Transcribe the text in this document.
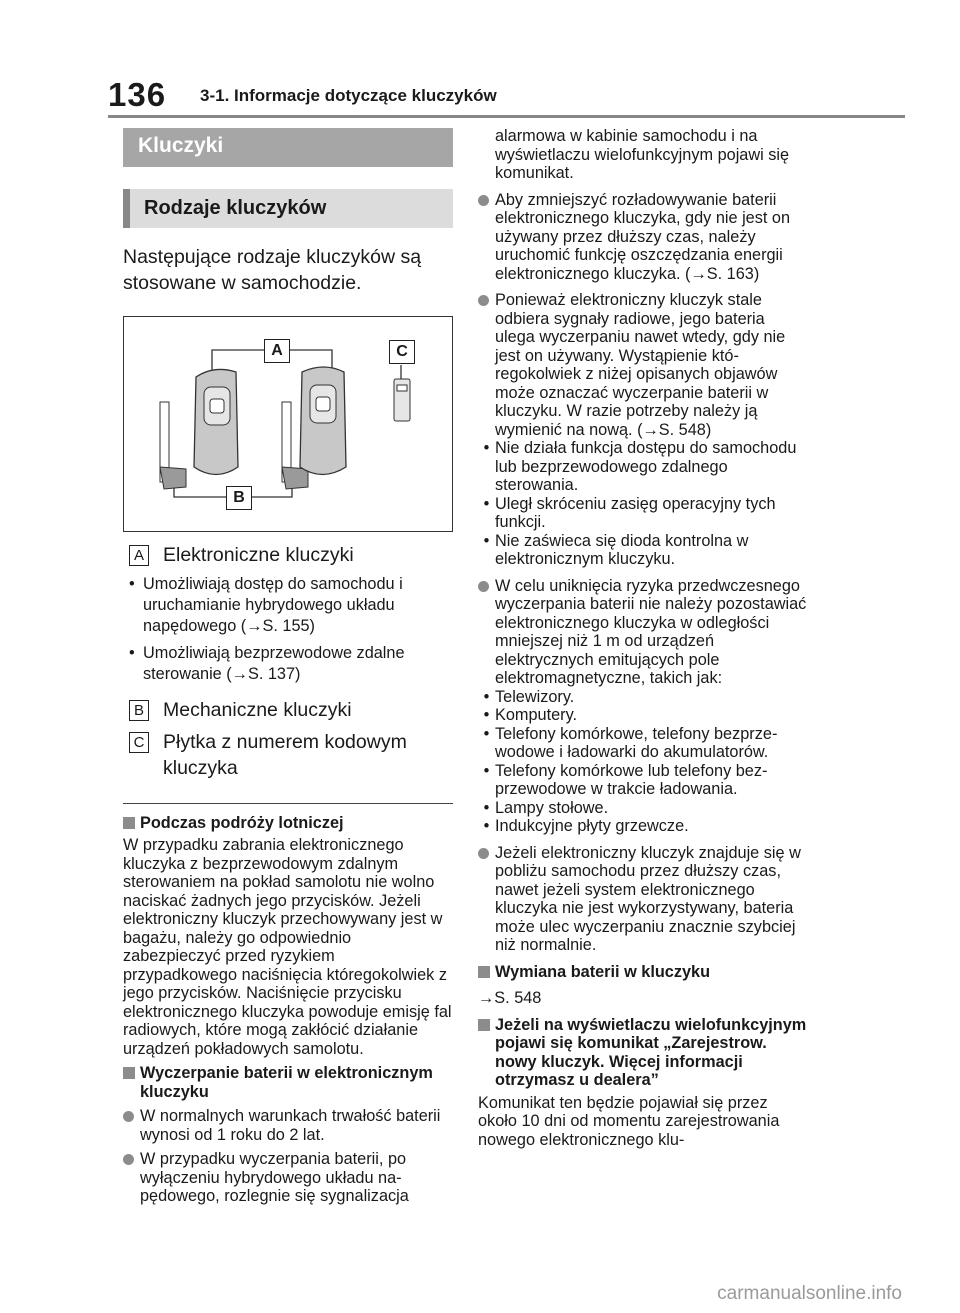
136 3-1. Informacje dotyczące kluczyków
Kluczyki
Rodzaje kluczyków
Następujące rodzaje kluczyków są stosowane w samochodzie.
A
B
C
A Elektroniczne kluczyki
• Umożliwiają dostęp do samochodu i uruchamianie hybrydowego układu napędowego (→S. 155)
• Umożliwiają bezprzewodowe zdalne sterowanie (→S. 137)
B Mechaniczne kluczyki
C Płytka z numerem kodowym kluczyka
Podczas podróży lotniczej
W przypadku zabrania elektronicznego kluczyka z bezprzewodowym zdalnym sterowaniem na pokład samolotu nie wolno naciskać żadnych jego przycisków. Jeżeli elektroniczny kluczyk przechowywany jest w bagażu, należy go odpowiednio zabezpieczyć przed ryzykiem przypadkowego naciśnięcia któregokolwiek z jego przycisków. Naciśnięcie przycisku elektronicznego kluczyka powoduje emisję fal radiowych, które mogą zakłócić działanie urządzeń pokładowych samolotu.
Wyczerpanie baterii w elektronicznym kluczyku
W normalnych warunkach trwałość baterii wynosi od 1 roku do 2 lat.
W przypadku wyczerpania baterii, po wyłączeniu hybrydowego układu napędowego, rozlegnie się sygnalizacja
alarmowa w kabinie samochodu i na wyświetlaczu wielofunkcyjnym pojawi się komunikat.
Aby zmniejszyć rozładowywanie baterii elektronicznego kluczyka, gdy nie jest on używany przez dłuższy czas, należy uruchomić funkcję oszczędzania energii elektronicznego kluczyka. (→S. 163)
Ponieważ elektroniczny kluczyk stale odbiera sygnały radiowe, jego bateria ulega wyczerpaniu nawet wtedy, gdy nie jest on używany. Wystąpienie któregokolwiek z niżej opisanych objawów może oznaczać wyczerpanie baterii w kluczyku. W razie potrzeby należy ją wymienić na nową. (→S. 548)
• Nie działa funkcja dostępu do samochodu lub bezprzewodowego zdalnego sterowania.
• Uległ skróceniu zasięg operacyjny tych funkcji.
• Nie zaświeca się dioda kontrolna w elektronicznym kluczyku.
W celu uniknięcia ryzyka przedwczesnego wyczerpania baterii nie należy pozostawiać elektronicznego kluczyka w odległości mniejszej niż 1 m od urządzeń elektrycznych emitujących pole elektromagnetyczne, takich jak:
• Telewizory.
• Komputery.
• Telefony komórkowe, telefony bezprzewodowe i ładowarki do akumulatorów.
• Telefony komórkowe lub telefony bezprzewodowe w trakcie ładowania.
• Lampy stołowe.
• Indukcyjne płyty grzewcze.
Jeżeli elektroniczny kluczyk znajduje się w pobliżu samochodu przez dłuższy czas, nawet jeżeli system elektronicznego kluczyka nie jest wykorzystywany, bateria może ulec wyczerpaniu znacznie szybciej niż normalnie.
Wymiana baterii w kluczyku
→S. 548
Jeżeli na wyświetlaczu wielofunkcyjnym pojawi się komunikat „Zarejestrow. nowy kluczyk. Więcej informacji otrzymasz u dealera”
Komunikat ten będzie pojawiał się przez około 10 dni od momentu zarejestrowania nowego elektronicznego klu-
carmanualsonline.info
